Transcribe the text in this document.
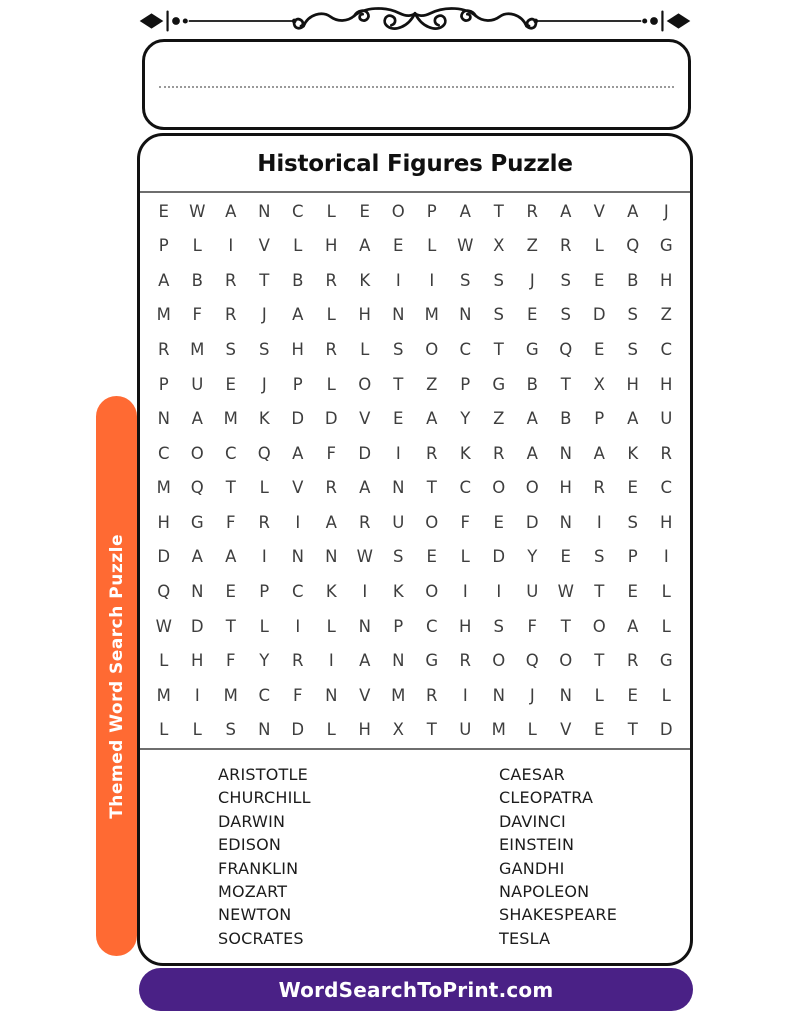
Themed Word Search Puzzle
Historical Figures Puzzle
E	W	A	N	C	L	E	O	P	A	T	R	A	V	A	J
P	L	I	V	L	H	A	E	L	W	X	Z	R	L	Q	G
A	B	R	T	B	R	K	I	I	S	S	J	S	E	B	H
M	F	R	J	A	L	H	N	M	N	S	E	S	D	S	Z
R	M	S	S	H	R	L	S	O	C	T	G	Q	E	S	C
P	U	E	J	P	L	O	T	Z	P	G	B	T	X	H	H
N	A	M	K	D	D	V	E	A	Y	Z	A	B	P	A	U
C	O	C	Q	A	F	D	I	R	K	R	A	N	A	K	R
M	Q	T	L	V	R	A	N	T	C	O	O	H	R	E	C
H	G	F	R	I	A	R	U	O	F	E	D	N	I	S	H
D	A	A	I	N	N	W	S	E	L	D	Y	E	S	P	I
Q	N	E	P	C	K	I	K	O	I	I	U	W	T	E	L
W	D	T	L	I	L	N	P	C	H	S	F	T	O	A	L
L	H	F	Y	R	I	A	N	G	R	O	Q	O	T	R	G
M	I	M	C	F	N	V	M	R	I	N	J	N	L	E	L
L	L	S	N	D	L	H	X	T	U	M	L	V	E	T	D
ARISTOTLE
CHURCHILL
DARWIN
EDISON
FRANKLIN
MOZART
NEWTON
SOCRATES
CAESAR
CLEOPATRA
DAVINCI
EINSTEIN
GANDHI
NAPOLEON
SHAKESPEARE
TESLA
WordSearchToPrint.com
